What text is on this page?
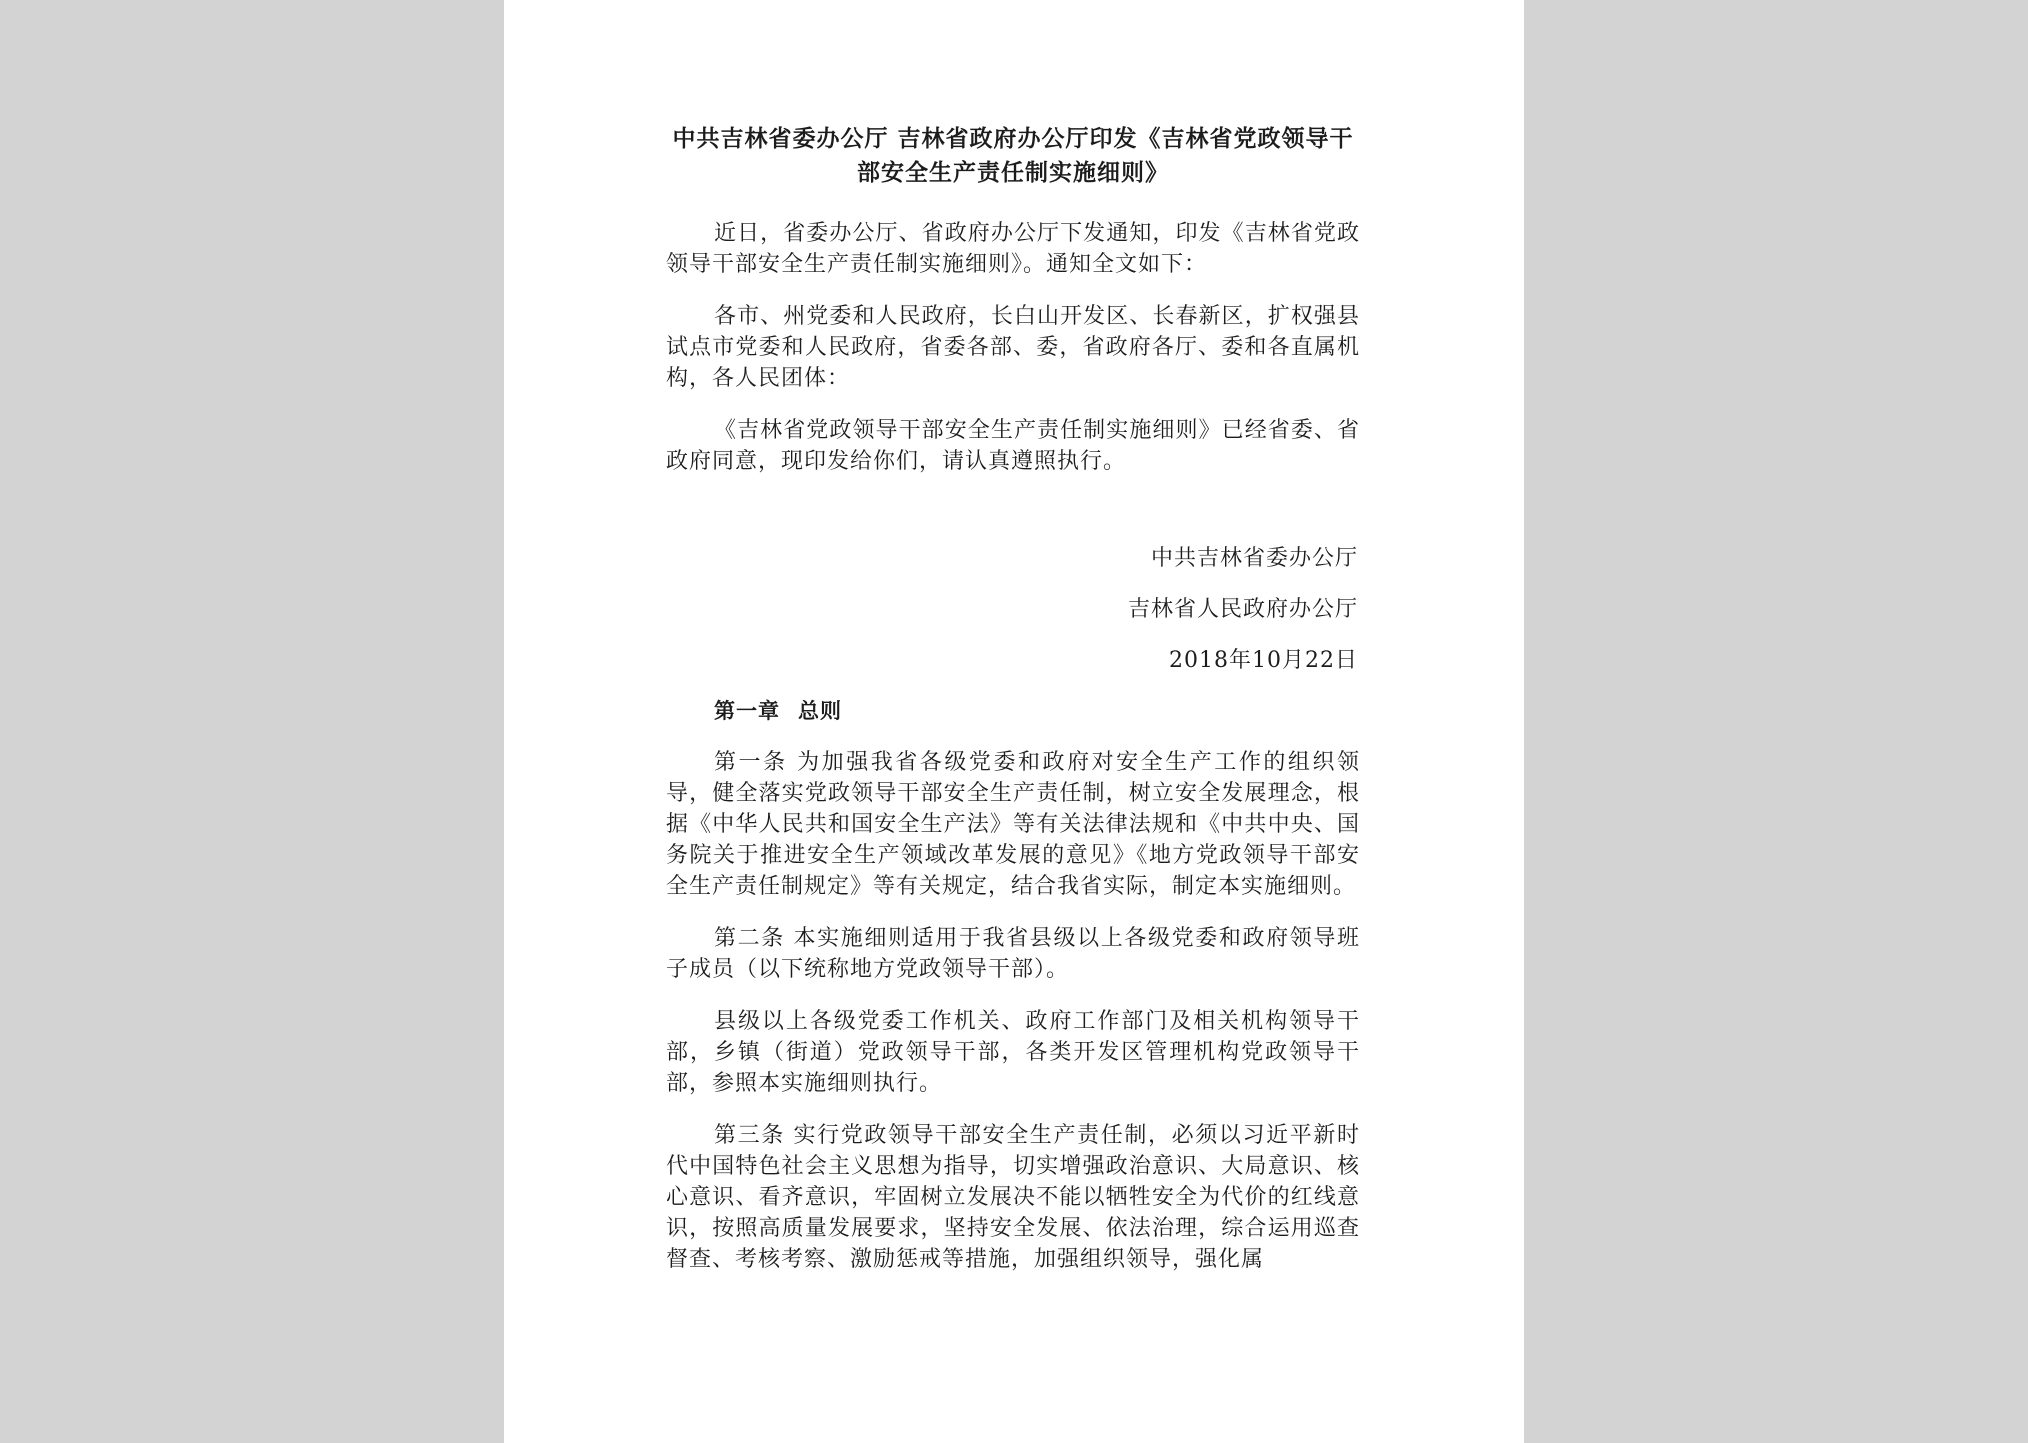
中共吉林省委办公厅 吉林省政府办公厅印发《吉林省党政领导干
部安全生产责任制实施细则》

近日，省委办公厅、省政府办公厅下发通知，印发《吉林省党政领导干部安全生产责任制实施细则》。通知全文如下：

各市、州党委和人民政府，长白山开发区、长春新区，扩权强县试点市党委和人民政府，省委各部、委，省政府各厅、委和各直属机构，各人民团体：

《吉林省党政领导干部安全生产责任制实施细则》已经省委、省政府同意，现印发给你们，请认真遵照执行。

中共吉林省委办公厅
吉林省人民政府办公厅
2018年10月22日
第一章 总则

第一条 为加强我省各级党委和政府对安全生产工作的组织领导，健全落实党政领导干部安全生产责任制，树立安全发展理念，根据《中华人民共和国安全生产法》等有关法律法规和《中共中央、国务院关于推进安全生产领域改革发展的意见》《地方党政领导干部安全生产责任制规定》等有关规定，结合我省实际，制定本实施细则。

第二条 本实施细则适用于我省县级以上各级党委和政府领导班子成员（以下统称地方党政领导干部）。

县级以上各级党委工作机关、政府工作部门及相关机构领导干部，乡镇（街道）党政领导干部，各类开发区管理机构党政领导干部，参照本实施细则执行。

第三条 实行党政领导干部安全生产责任制，必须以习近平新时代中国特色社会主义思想为指导，切实增强政治意识、大局意识、核心意识、看齐意识，牢固树立发展决不能以牺牲安全为代价的红线意识，按照高质量发展要求，坚持安全发展、依法治理，综合运用巡查督查、考核考察、激励惩戒等措施，加强组织领导，强化属
